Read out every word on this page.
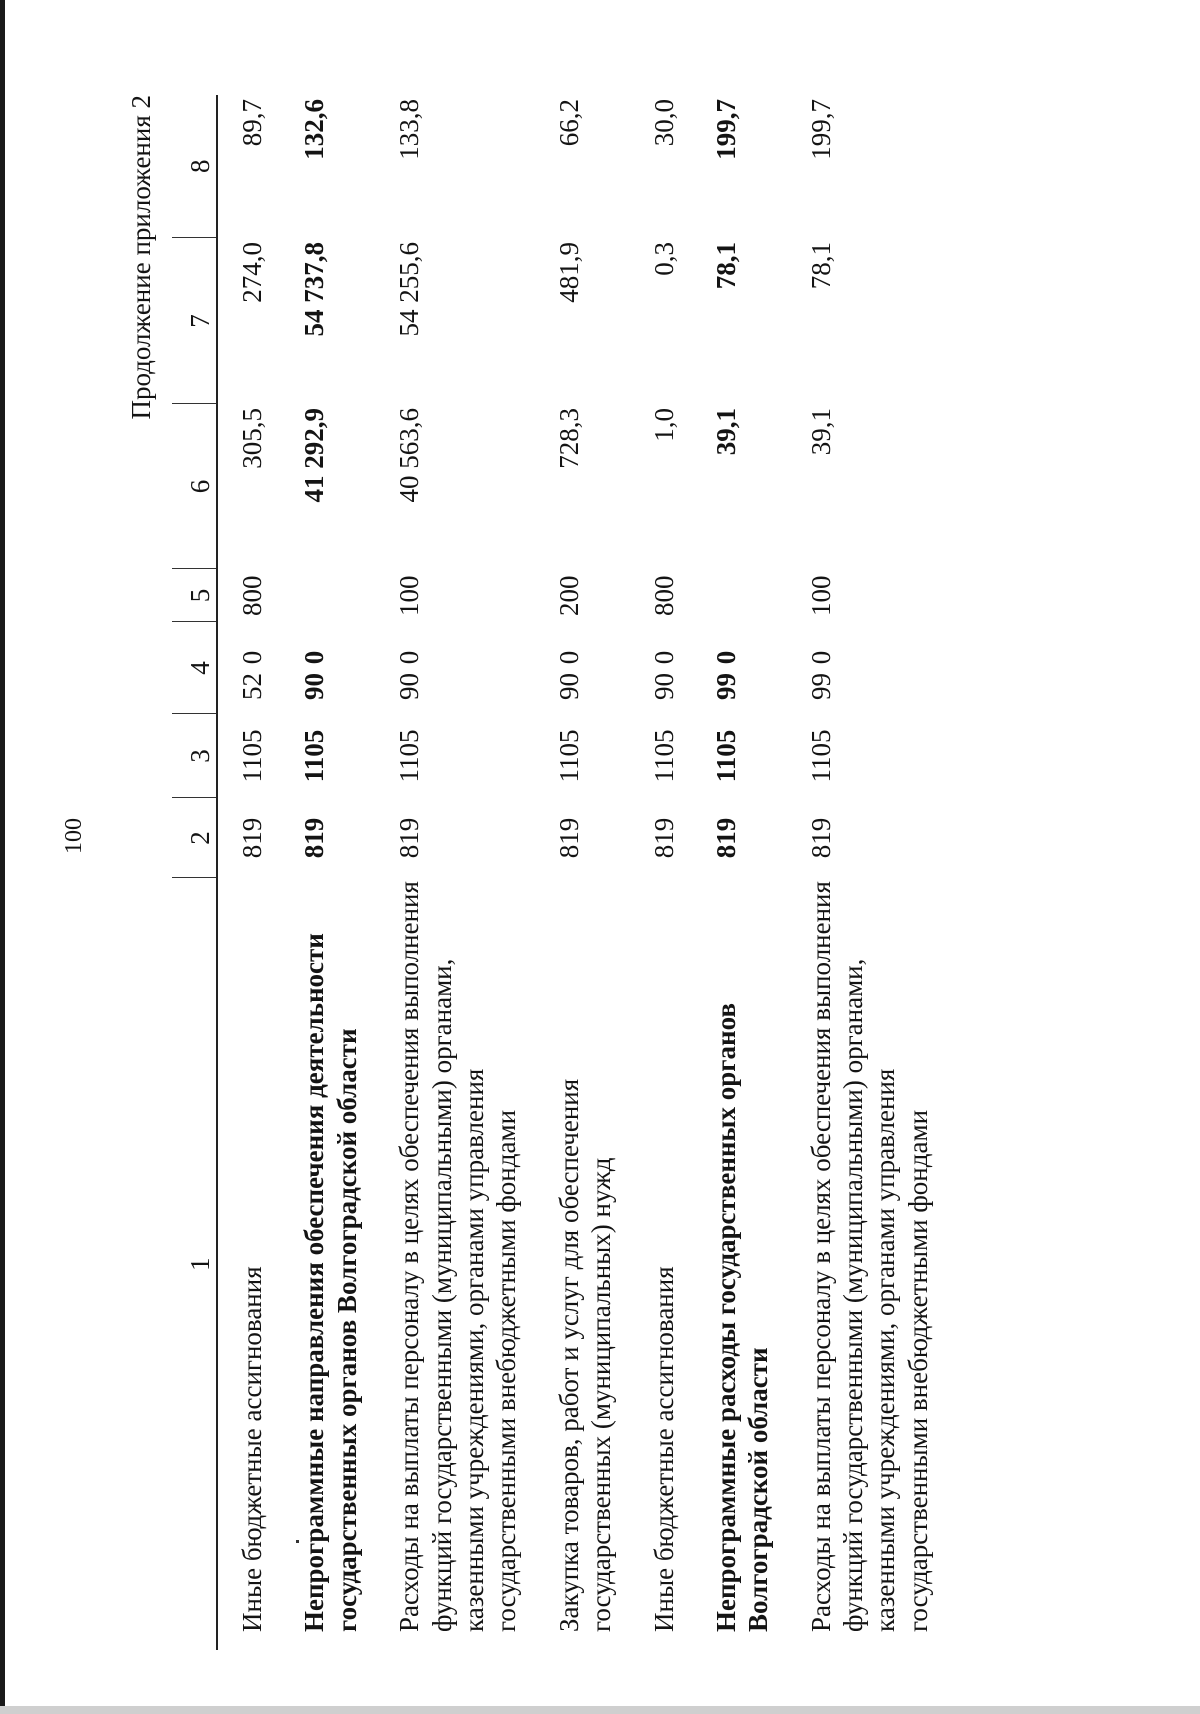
100
Продолжение приложения 2
1	2	3	4	5	6	7	8
Иные бюджетные ассигнования	819	1105	52 0	800	305,5	274,0	89,7
Непрограммные направления обеспечения деятельности государственных органов Волгоградской области	819	1105	90 0		41 292,9	54 737,8	132,6
Расходы на выплаты персоналу в целях обеспечения выполнения функций государственными (муниципальными) органами, казенными учреждениями, органами управления государственными внебюджетными фондами	819	1105	90 0	100	40 563,6	54 255,6	133,8
Закупка товаров, работ и услуг для обеспечения государственных (муниципальных) нужд	819	1105	90 0	200	728,3	481,9	66,2
Иные бюджетные ассигнования	819	1105	90 0	800	1,0	0,3	30,0
Непрограммные расходы государственных органов Волгоградской области	819	1105	99 0		39,1	78,1	199,7
Расходы на выплаты персоналу в целях обеспечения выполнения функций государственными (муниципальными) органами, казенными учреждениями, органами управления государственными внебюджетными фондами	819	1105	99 0	100	39,1	78,1	199,7
